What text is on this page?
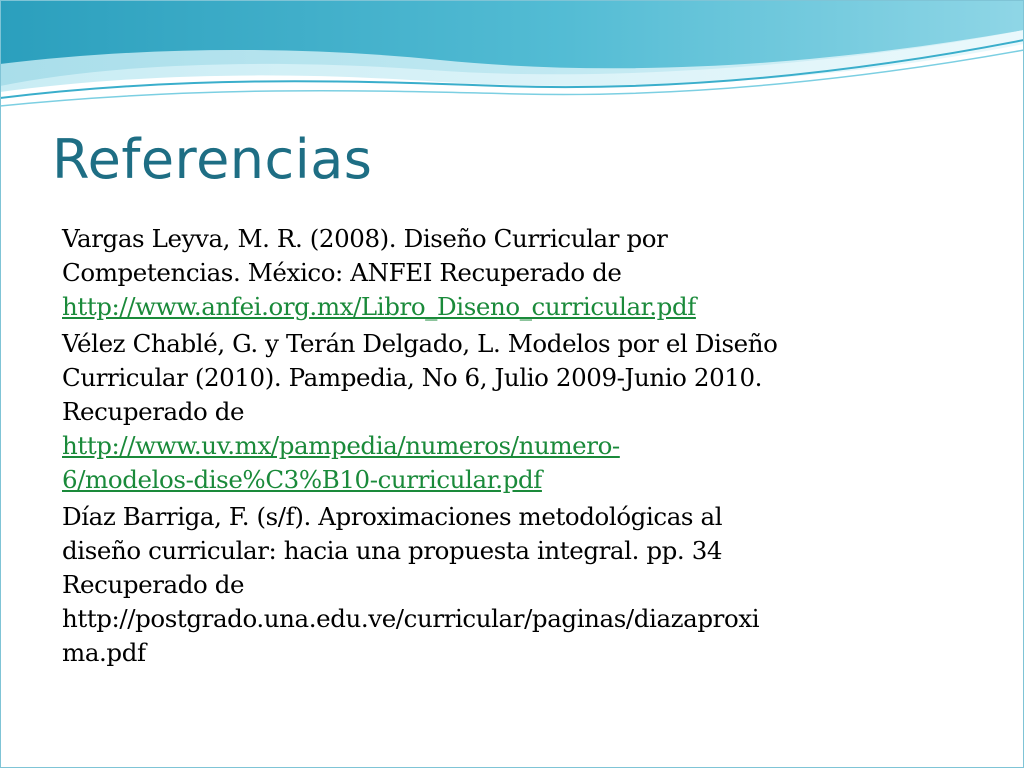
Referencias

Vargas Leyva, M. R. (2008). Diseño Curricular por
Competencias. México: ANFEI Recuperado de
http://www.anfei.org.mx/Libro_Diseno_curricular.pdf

Vélez Chablé, G. y Terán Delgado, L. Modelos por el Diseño
Curricular (2010). Pampedia, No 6, Julio 2009-Junio 2010.
Recuperado de
http://www.uv.mx/pampedia/numeros/numero-
6/modelos-dise%C3%B10-curricular.pdf

Díaz Barriga, F. (s/f). Aproximaciones metodológicas al
diseño curricular: hacia una propuesta integral. pp. 34
Recuperado de
http://postgrado.una.edu.ve/curricular/paginas/diazaproxi
ma.pdf
